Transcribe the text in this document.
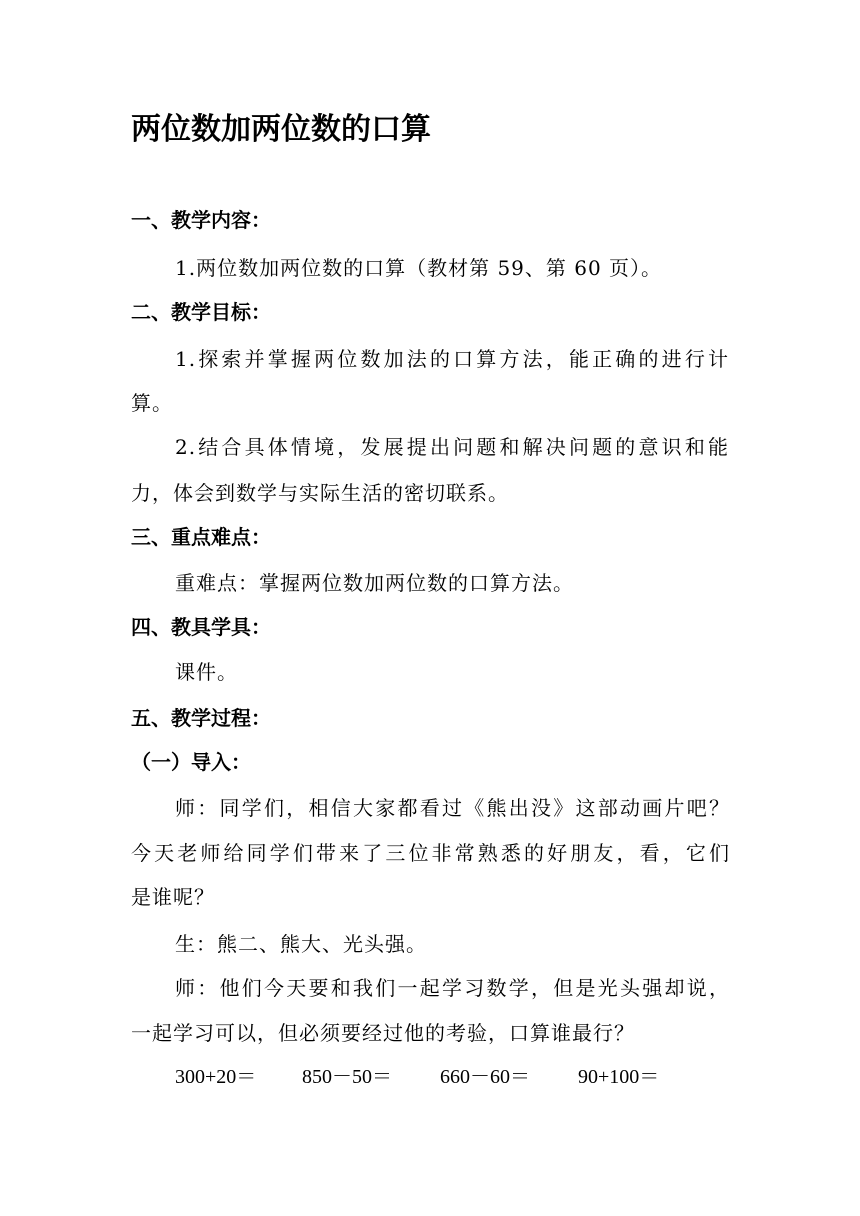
两位数加两位数的口算
一、教学内容：
1.两位数加两位数的口算（教材第 59、第 60 页）。
二、教学目标：
1.探索并掌握两位数加法的口算方法，能正确的进行计
算。
2.结合具体情境，发展提出问题和解决问题的意识和能
力，体会到数学与实际生活的密切联系。
三、重点难点：
重难点：掌握两位数加两位数的口算方法。
四、教具学具：
课件。
五、教学过程：
（一）导入：
师：同学们，相信大家都看过《熊出没》这部动画片吧？
今天老师给同学们带来了三位非常熟悉的好朋友，看，它们
是谁呢？
生：熊二、熊大、光头强。
师：他们今天要和我们一起学习数学，但是光头强却说，
一起学习可以，但必须要经过他的考验，口算谁最行？
300+20＝ 850－50＝ 660－60＝ 90+100＝
